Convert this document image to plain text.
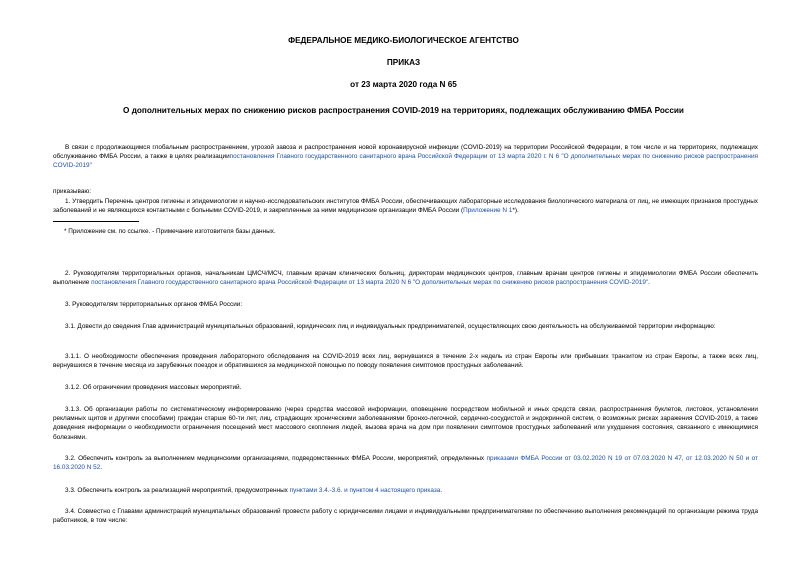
ФЕДЕРАЛЬНОЕ МЕДИКО-БИОЛОГИЧЕСКОЕ АГЕНТСТВО
ПРИКАЗ
от 23 марта 2020 года N 65
О дополнительных мерах по снижению рисков распространения COVID-2019 на территориях, подлежащих обслуживанию ФМБА России
В связи с продолжающимся глобальным распространением, угрозой завоза и распространения новой коронавирусной инфекции (COVID-2019) на территории Российской Федерации, в том числе и на территориях, подлежащих обслуживанию ФМБА России, а также в целях реализациипостановления Главного государственного санитарного врача Российской Федерации от 13 марта 2020 г. N 6 "О дополнительных мерах по снижению рисков распространения COVID-2019"
приказываю:
1. Утвердить Перечень центров гигиены и эпидемиологии и научно-исследовательских институтов ФМБА России, обеспечивающих лабораторные исследования биологического материала от лиц, не имеющих признаков простудных заболеваний и не являющихся контактными с больными COVID-2019, и закрепленные за ними медицинские организации ФМБА России (Приложение N 1*).
* Приложение см. по ссылке. - Примечание изготовителя базы данных.
2. Руководителям территориальных органов, начальникам ЦМСЧ/МСЧ, главным врачам клинических больниц, директорам медицинских центров, главным врачам центров гигиены и эпидемиологии ФМБА России обеспечить выполнение постановления Главного государственного санитарного врача Российской Федерации от 13 марта 2020 N 6 "О дополнительных мерах по снижению рисков распространения COVID-2019".
3. Руководителям территориальных органов ФМБА России:
3.1. Довести до сведения Глав администраций муниципальных образований, юридических лиц и индивидуальных предпринимателей, осуществляющих свою деятельность на обслуживаемой территории информацию:
3.1.1. О необходимости обеспечения проведения лабораторного обследования на COVID-2019 всех лиц, вернувшихся в течение 2-х недель из стран Европы или прибывших транзитом из стран Европы, а также всех лиц, вернувшихся в течение месяца из зарубежных поездок и обратившихся за медицинской помощью по поводу появления симптомов простудных заболеваний.
3.1.2. Об ограничении проведения массовых мероприятий.
3.1.3. Об организации работы по систематическому информированию (через средства массовой информации, оповещение посредством мобильной и иных средств связи, распространения буклетов, листовок, установлении рекламных щитов и другими способами) граждан старше 60-ти лет, лиц, страдающих хроническими заболеваниями бронхо-легочной, сердечно-сосудистой и эндокринной систем, о возможных рисках заражения COVID-2019, а также доведения информации о необходимости ограничения посещений мест массового скопления людей, вызова врача на дом при появлении симптомов простудных заболеваний или ухудшения состояния, связанного с имеющимися болезнями.
3.2. Обеспечить контроль за выполнением медицинскими организациями, подведомственных ФМБА России, мероприятий, определенных приказами ФМБА России от 03.02.2020 N 19 от 07.03.2020 N 47, от 12.03.2020 N 50 и от 16.03.2020 N 52.
3.3. Обеспечить контроль за реализацией мероприятий, предусмотренных пунктами 3.4.-3.6. и пунктом 4 настоящего приказа.
3.4. Совместно с Главами администраций муниципальных образований провести работу с юридическими лицами и индивидуальными предпринимателями по обеспечению выполнения рекомендаций по организации режима труда работников, в том числе:
